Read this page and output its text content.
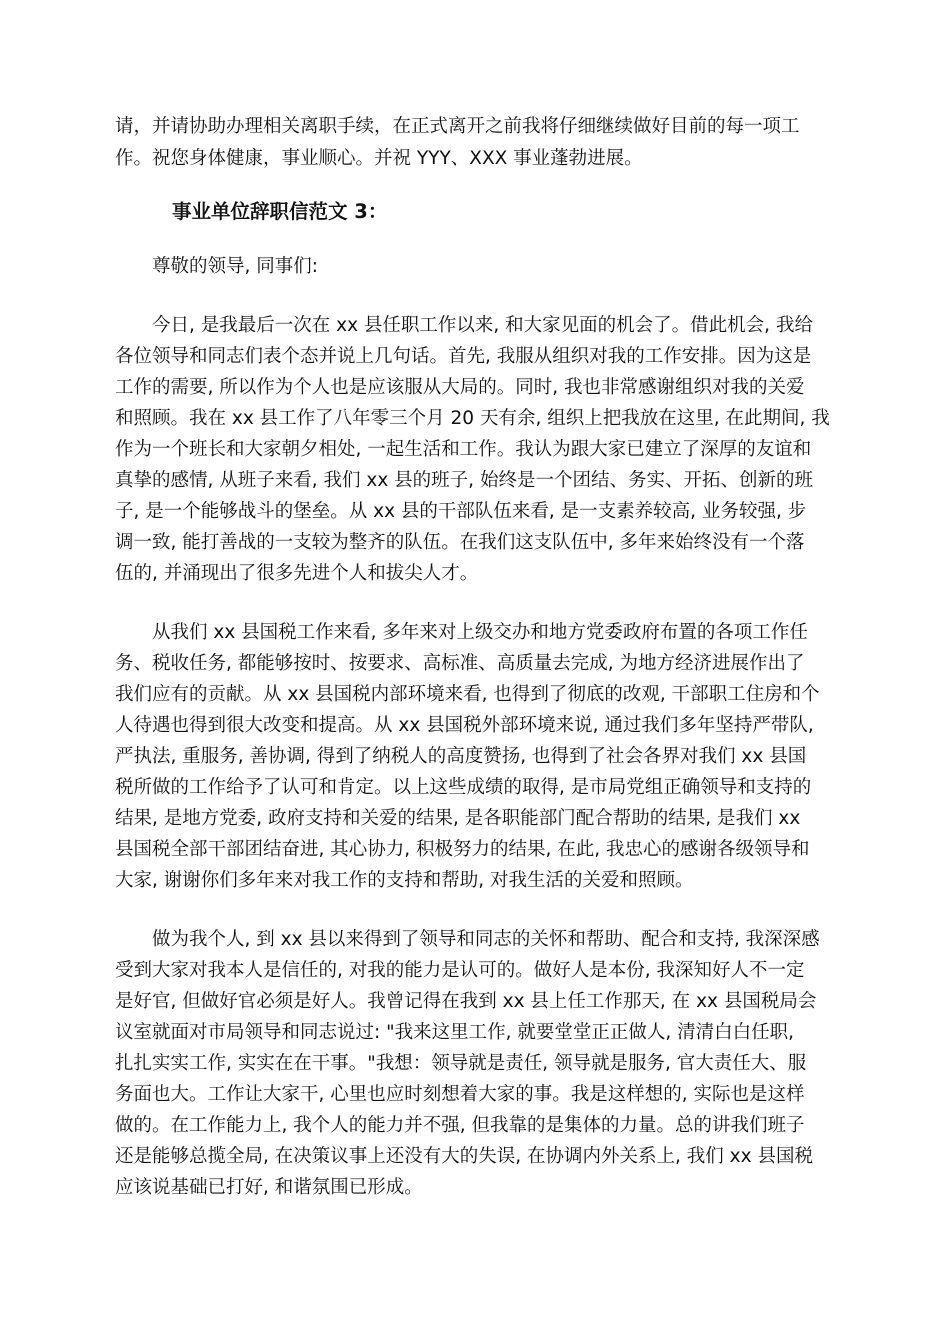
请，并请协助办理相关离职手续，在正式离开之前我将仔细继续做好目前的每一项工
作。祝您身体健康，事业顺心。并祝 YYY、XXX 事业蓬勃进展。
事业单位辞职信范文 3：
尊敬的领导, 同事们:
今日, 是我最后一次在 xx 县任职工作以来, 和大家见面的机会了。借此机会, 我给
各位领导和同志们表个态并说上几句话。首先, 我服从组织对我的工作安排。因为这是
工作的需要, 所以作为个人也是应该服从大局的。同时, 我也非常感谢组织对我的关爱
和照顾。我在 xx 县工作了八年零三个月 20 天有余, 组织上把我放在这里, 在此期间, 我
作为一个班长和大家朝夕相处, 一起生活和工作。我认为跟大家已建立了深厚的友谊和
真挚的感情, 从班子来看, 我们 xx 县的班子, 始终是一个团结、务实、开拓、创新的班
子, 是一个能够战斗的堡垒。从 xx 县的干部队伍来看, 是一支素养较高, 业务较强, 步
调一致, 能打善战的一支较为整齐的队伍。在我们这支队伍中, 多年来始终没有一个落
伍的, 并涌现出了很多先进个人和拔尖人才。
从我们 xx 县国税工作来看, 多年来对上级交办和地方党委政府布置的各项工作任
务、税收任务, 都能够按时、按要求、高标准、高质量去完成, 为地方经济进展作出了
我们应有的贡献。从 xx 县国税内部环境来看, 也得到了彻底的改观, 干部职工住房和个
人待遇也得到很大改变和提高。从 xx 县国税外部环境来说, 通过我们多年坚持严带队,
严执法, 重服务, 善协调, 得到了纳税人的高度赞扬, 也得到了社会各界对我们 xx 县国
税所做的工作给予了认可和肯定。以上这些成绩的取得, 是市局党组正确领导和支持的
结果, 是地方党委, 政府支持和关爱的结果, 是各职能部门配合帮助的结果, 是我们 xx
县国税全部干部团结奋进, 其心协力, 积极努力的结果, 在此, 我忠心的感谢各级领导和
大家, 谢谢你们多年来对我工作的支持和帮助, 对我生活的关爱和照顾。
做为我个人, 到 xx 县以来得到了领导和同志的关怀和帮助、配合和支持, 我深深感
受到大家对我本人是信任的, 对我的能力是认可的。做好人是本份, 我深知好人不一定
是好官, 但做好官必须是好人。我曾记得在我到 xx 县上任工作那天, 在 xx 县国税局会
议室就面对市局领导和同志说过: "我来这里工作, 就要堂堂正正做人, 清清白白任职,
扎扎实实工作, 实实在在干事。"我想：领导就是责任, 领导就是服务, 官大责任大、服
务面也大。工作让大家干, 心里也应时刻想着大家的事。我是这样想的, 实际也是这样
做的。在工作能力上, 我个人的能力并不强, 但我靠的是集体的力量。总的讲我们班子
还是能够总揽全局, 在决策议事上还没有大的失误, 在协调内外关系上, 我们 xx 县国税
应该说基础已打好, 和谐氛围已形成。
